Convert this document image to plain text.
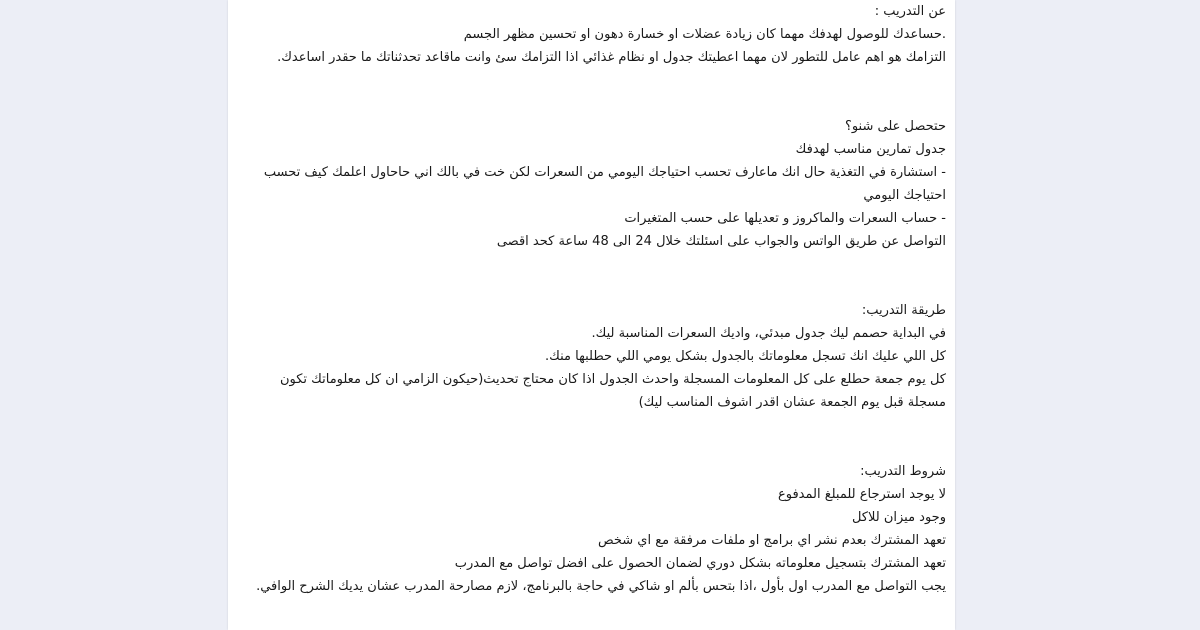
عن التدريب :
.حساعدك للوصول لهدفك مهما كان زيادة عضلات او خسارة دهون او تحسين مظهر الجسم
التزامك هو اهم عامل للتطور لان مهما اعطيتك جدول او نظام غذائي اذا التزامك سئ وانت ماقاعد تحدثناتك ما حقدر اساعدك.
حتحصل على شنو؟
جدول تمارين مناسب لهدفك
- استشارة في التغذية حال انك ماعارف تحسب احتياجك اليومي من السعرات لكن خت في بالك اني حاحاول اعلمك كيف تحسب احتياجك اليومي
- حساب السعرات والماكروز و تعديلها على حسب المتغيرات
التواصل عن طريق الواتس والجواب على اسئلتك خلال 24 الى 48 ساعة كحد اقصى
طريقة التدريب:
في البداية حصمم ليك جدول مبدئي، واديك السعرات المناسبة ليك.
كل اللي عليك انك تسجل معلوماتك بالجدول بشكل يومي اللي حطلبها منك.
كل يوم جمعة حطلع على كل المعلومات المسجلة واحدث الجدول اذا كان محتاج تحديث(حيكون الزامي ان كل معلوماتك تكون مسجلة قبل يوم الجمعة عشان اقدر اشوف المناسب ليك)
شروط التدريب:
لا يوجد استرجاع للمبلغ المدفوع
وجود ميزان للاكل
تعهد المشترك بعدم نشر اي برامج او ملفات مرفقة مع اي شخص
تعهد المشترك بتسجيل معلوماته بشكل دوري لضمان الحصول على افضل تواصل مع المدرب
يجب التواصل مع المدرب اول بأول ،اذا بتحس بألم او شاكي في حاجة بالبرنامج، لازم مصارحة المدرب عشان يديك الشرح الوافي.
